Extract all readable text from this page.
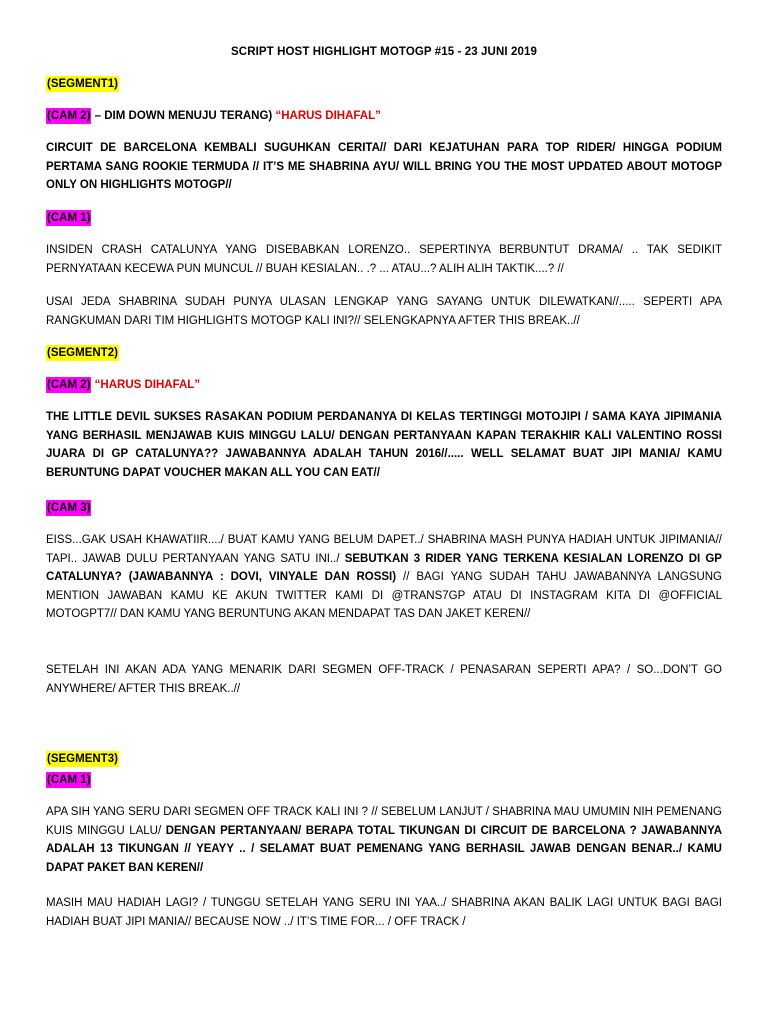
SCRIPT HOST HIGHLIGHT MOTOGP #15 - 23 JUNI 2019
(SEGMENT1)
(CAM 2) – DIM DOWN MENUJU TERANG) “HARUS DIHAFAL”
CIRCUIT DE BARCELONA KEMBALI SUGUHKAN CERITA// DARI KEJATUHAN PARA TOP RIDER/ HINGGA PODIUM PERTAMA SANG ROOKIE TERMUDA // IT’S ME SHABRINA AYU/ WILL BRING YOU THE MOST UPDATED ABOUT MOTOGP ONLY ON HIGHLIGHTS MOTOGP//
(CAM 1)
INSIDEN CRASH CATALUNYA YANG DISEBABKAN LORENZO.. SEPERTINYA BERBUNTUT DRAMA/ .. TAK SEDIKIT PERNYATAAN KECEWA PUN MUNCUL // BUAH KESIALAN.. .? ... ATAU...? ALIH ALIH TAKTIK....? //
USAI JEDA SHABRINA SUDAH PUNYA ULASAN LENGKAP YANG SAYANG UNTUK DILEWATKAN//..... SEPERTI APA RANGKUMAN DARI TIM HIGHLIGHTS MOTOGP KALI INI?// SELENGKAPNYA AFTER THIS BREAK..//
(SEGMENT2)
(CAM 2) “HARUS DIHAFAL”
THE LITTLE DEVIL SUKSES RASAKAN PODIUM PERDANANYA DI KELAS TERTINGGI MOTOJIPI / SAMA KAYA JIPIMANIA YANG BERHASIL MENJAWAB KUIS MINGGU LALU/ DENGAN PERTANYAAN KAPAN TERAKHIR KALI VALENTINO ROSSI JUARA DI GP CATALUNYA?? JAWABANNYA ADALAH TAHUN 2016//..... WELL SELAMAT BUAT JIPI MANIA/ KAMU BERUNTUNG DAPAT VOUCHER MAKAN ALL YOU CAN EAT//
(CAM 3)
EISS...GAK USAH KHAWATIIR..../ BUAT KAMU YANG BELUM DAPET../ SHABRINA MASH PUNYA HADIAH UNTUK JIPIMANIA// TAPI.. JAWAB DULU PERTANYAAN YANG SATU INI../ SEBUTKAN 3 RIDER YANG TERKENA KESIALAN LORENZO DI GP CATALUNYA? (JAWABANNYA : DOVI, VINYALE DAN ROSSI) // BAGI YANG SUDAH TAHU JAWABANNYA LANGSUNG MENTION JAWABAN KAMU KE AKUN TWITTER KAMI DI @TRANS7GP ATAU DI INSTAGRAM KITA DI @OFFICIAL MOTOGPT7// DAN KAMU YANG BERUNTUNG AKAN MENDAPAT TAS DAN JAKET KEREN//
SETELAH INI AKAN ADA YANG MENARIK DARI SEGMEN OFF-TRACK / PENASARAN SEPERTI APA? / SO...DON’T GO ANYWHERE/ AFTER THIS BREAK..//
(SEGMENT3)
(CAM 1)
APA SIH YANG SERU DARI SEGMEN OFF TRACK KALI INI ? // SEBELUM LANJUT / SHABRINA MAU UMUMIN NIH PEMENANG KUIS MINGGU LALU/ DENGAN PERTANYAAN/ BERAPA TOTAL TIKUNGAN DI CIRCUIT DE BARCELONA ? JAWABANNYA ADALAH 13 TIKUNGAN // YEAYY .. / SELAMAT BUAT PEMENANG YANG BERHASIL JAWAB DENGAN BENAR../ KAMU DAPAT PAKET BAN KEREN//
MASIH MAU HADIAH LAGI? / TUNGGU SETELAH YANG SERU INI YAA../ SHABRINA AKAN BALIK LAGI UNTUK BAGI BAGI HADIAH BUAT JIPI MANIA// BECAUSE NOW ../ IT’S TIME FOR... / OFF TRACK /
